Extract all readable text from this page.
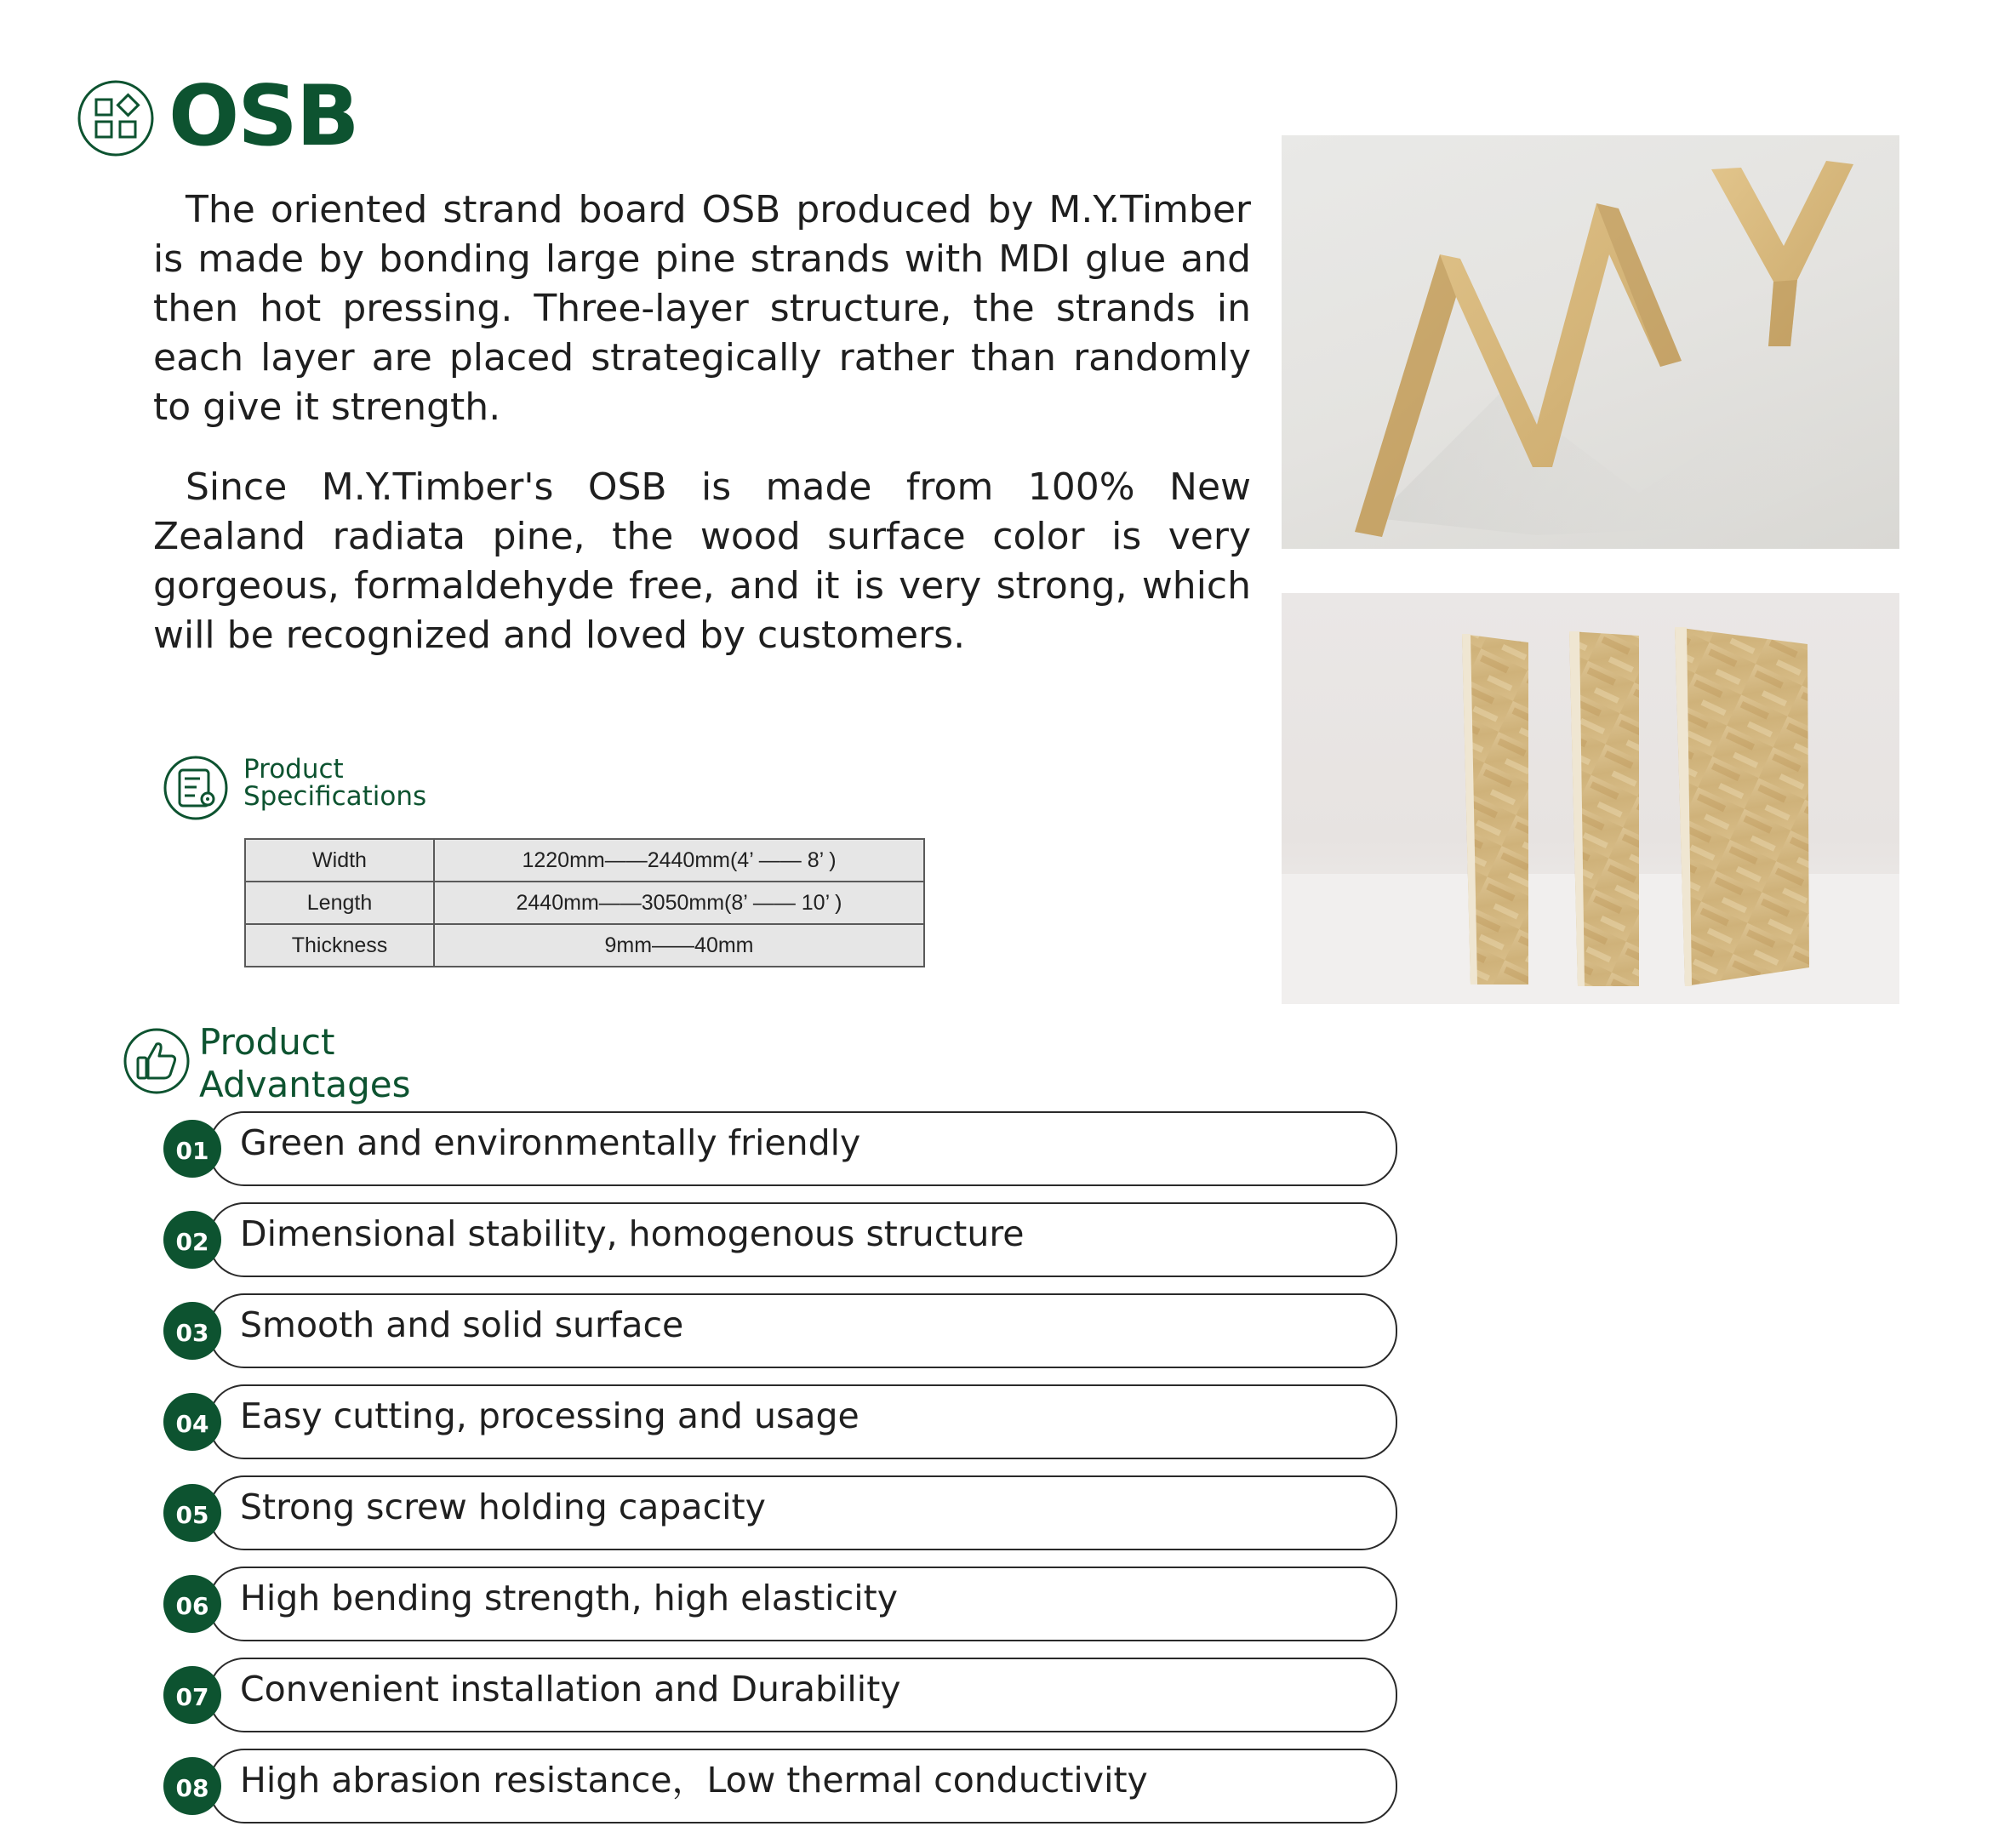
OSB

The oriented strand board OSB produced by M.Y.Timber is made by bonding large pine strands with MDI glue and then hot pressing. Three-layer structure, the strands in each layer are placed strategically rather than randomly to give it strength.

Since M.Y.Timber's OSB is made from 100% New Zealand radiata pine, the wood surface color is very gorgeous, formaldehyde free, and it is very strong, which will be recognized and loved by customers.

Product
Specifications
Width	1220mm——2440mm(4’ —— 8’ )
Length	2440mm——3050mm(8’ —— 10’ )
Thickness	9mm——40mm
Product
Advantages
01 Green and environmentally friendly
02 Dimensional stability, homogenous structure
03 Smooth and solid surface
04 Easy cutting, processing and usage
05 Strong screw holding capacity
06 High bending strength, high elasticity
07 Convenient installation and Durability
08 High abrasion resistance，Low thermal conductivity
